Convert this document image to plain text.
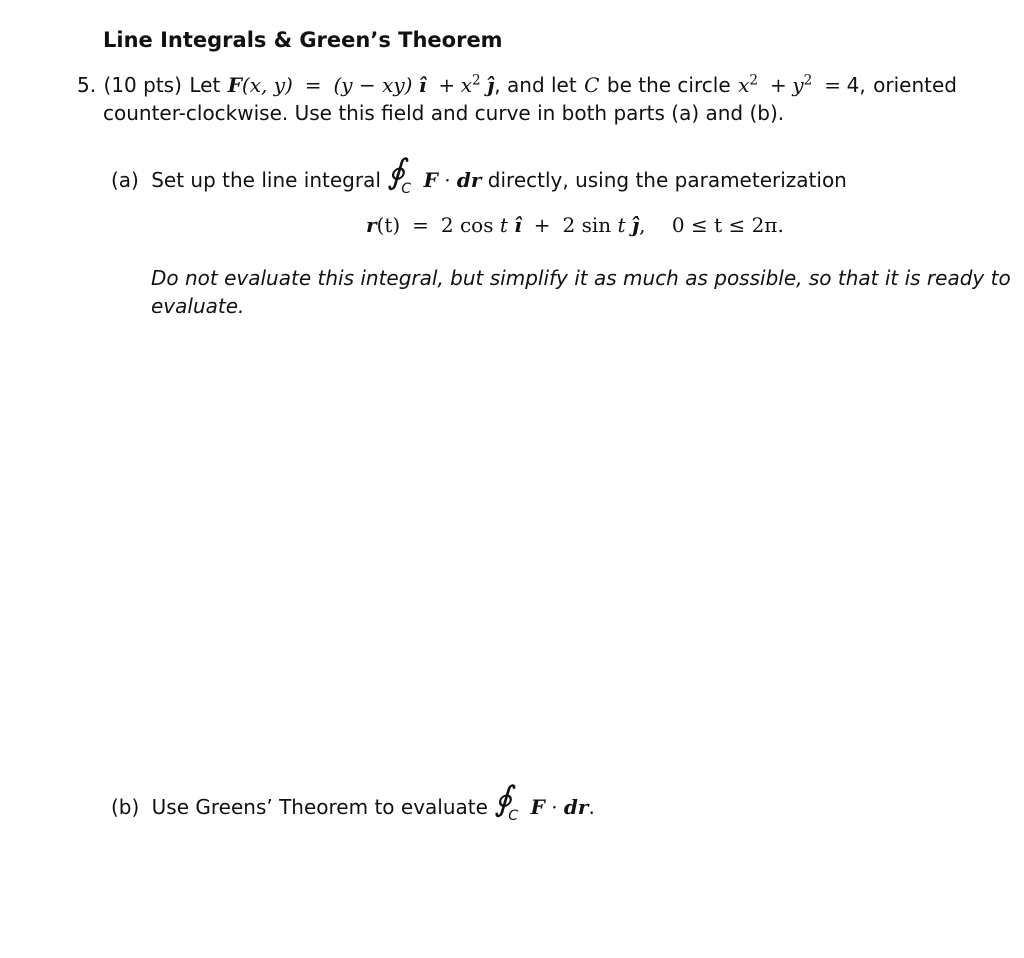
Line Integrals & Green’s Theorem
5. (10 pts) Let F(x, y) = (y − xy) î + $x^2$ ĵ, and let C be the circle $x^2 + y^2 = 4$, oriented
counter-clockwise. Use this field and curve in both parts (a) and (b).
(a) Set up the line integral ∮
C F · dr directly, using the parameterization
r(t) = 2 cos t î + 2 sin t ĵ, 0 ≤ t ≤ 2π.
Do not evaluate this integral, but simplify it as much as possible, so that it is ready to
evaluate.
(b) Use Greens’ Theorem to evaluate ∮
C F · dr.
